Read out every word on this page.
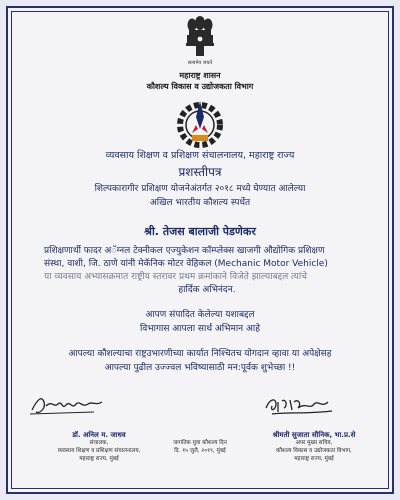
सत्यमेव जयते
महाराष्ट्र शासन
कौशल्य विकास व उद्योजकता विभाग
व्यवसाय शिक्षण व प्रशिक्षण संचालनालय, महाराष्ट्र राज्य
प्रशस्तीपत्र
शिल्पकारागीर प्रशिक्षण योजनेअंतर्गत २०१८ मध्ये घेण्यात आलेल्या
अखिल भारतीय कौशल्य स्पर्धेत
श्री. तेजस बालाजी पेडणेकर
प्रशिक्षणार्थी फादर अॅग्नल टेक्नीकल एज्युकेशन कॉम्प्लेक्स खाजगी औद्योगिक प्रशिक्षण
संस्था, वाशी, जि. ठाणे यांनी मेकॅनिक मोटर वेहिकल (Mechanic Motor Vehicle)
या व्यवसाय अभ्यासक्रमात राष्ट्रीय स्तरावर प्रथम क्रमांकाने विजेते झाल्याबद्दल त्यांचे
हार्दिक अभिनंदन.
आपण संपादित केलेल्या यशाबद्दल
विभागास आपला सार्थ अभिमान आहे
आपल्या कौशल्याचा राष्ट्रउभारणीच्या कार्यात निश्चितच योगदान व्हावा या अपेक्षेसह
आपल्या पुढील उज्ज्वल भविष्यासाठी मन:पूर्वक शुभेच्छा !!
डॉ. अनिल म. जाधव
संचालक,
व्यवसाय शिक्षण व प्रशिक्षण संचालनालय,
महाराष्ट्र राज्य, मुंबई
जागतिक युवा कौशल्य दिन
दि. १५ जुलै, २०१९, मुंबई
श्रीमती सुजाता सौनिक, भा.प्र.से
अपर मुख्य सचिव,
कौशल्य विकास व उद्योजकता विभाग,
महाराष्ट्र राज्य, मुंबई
